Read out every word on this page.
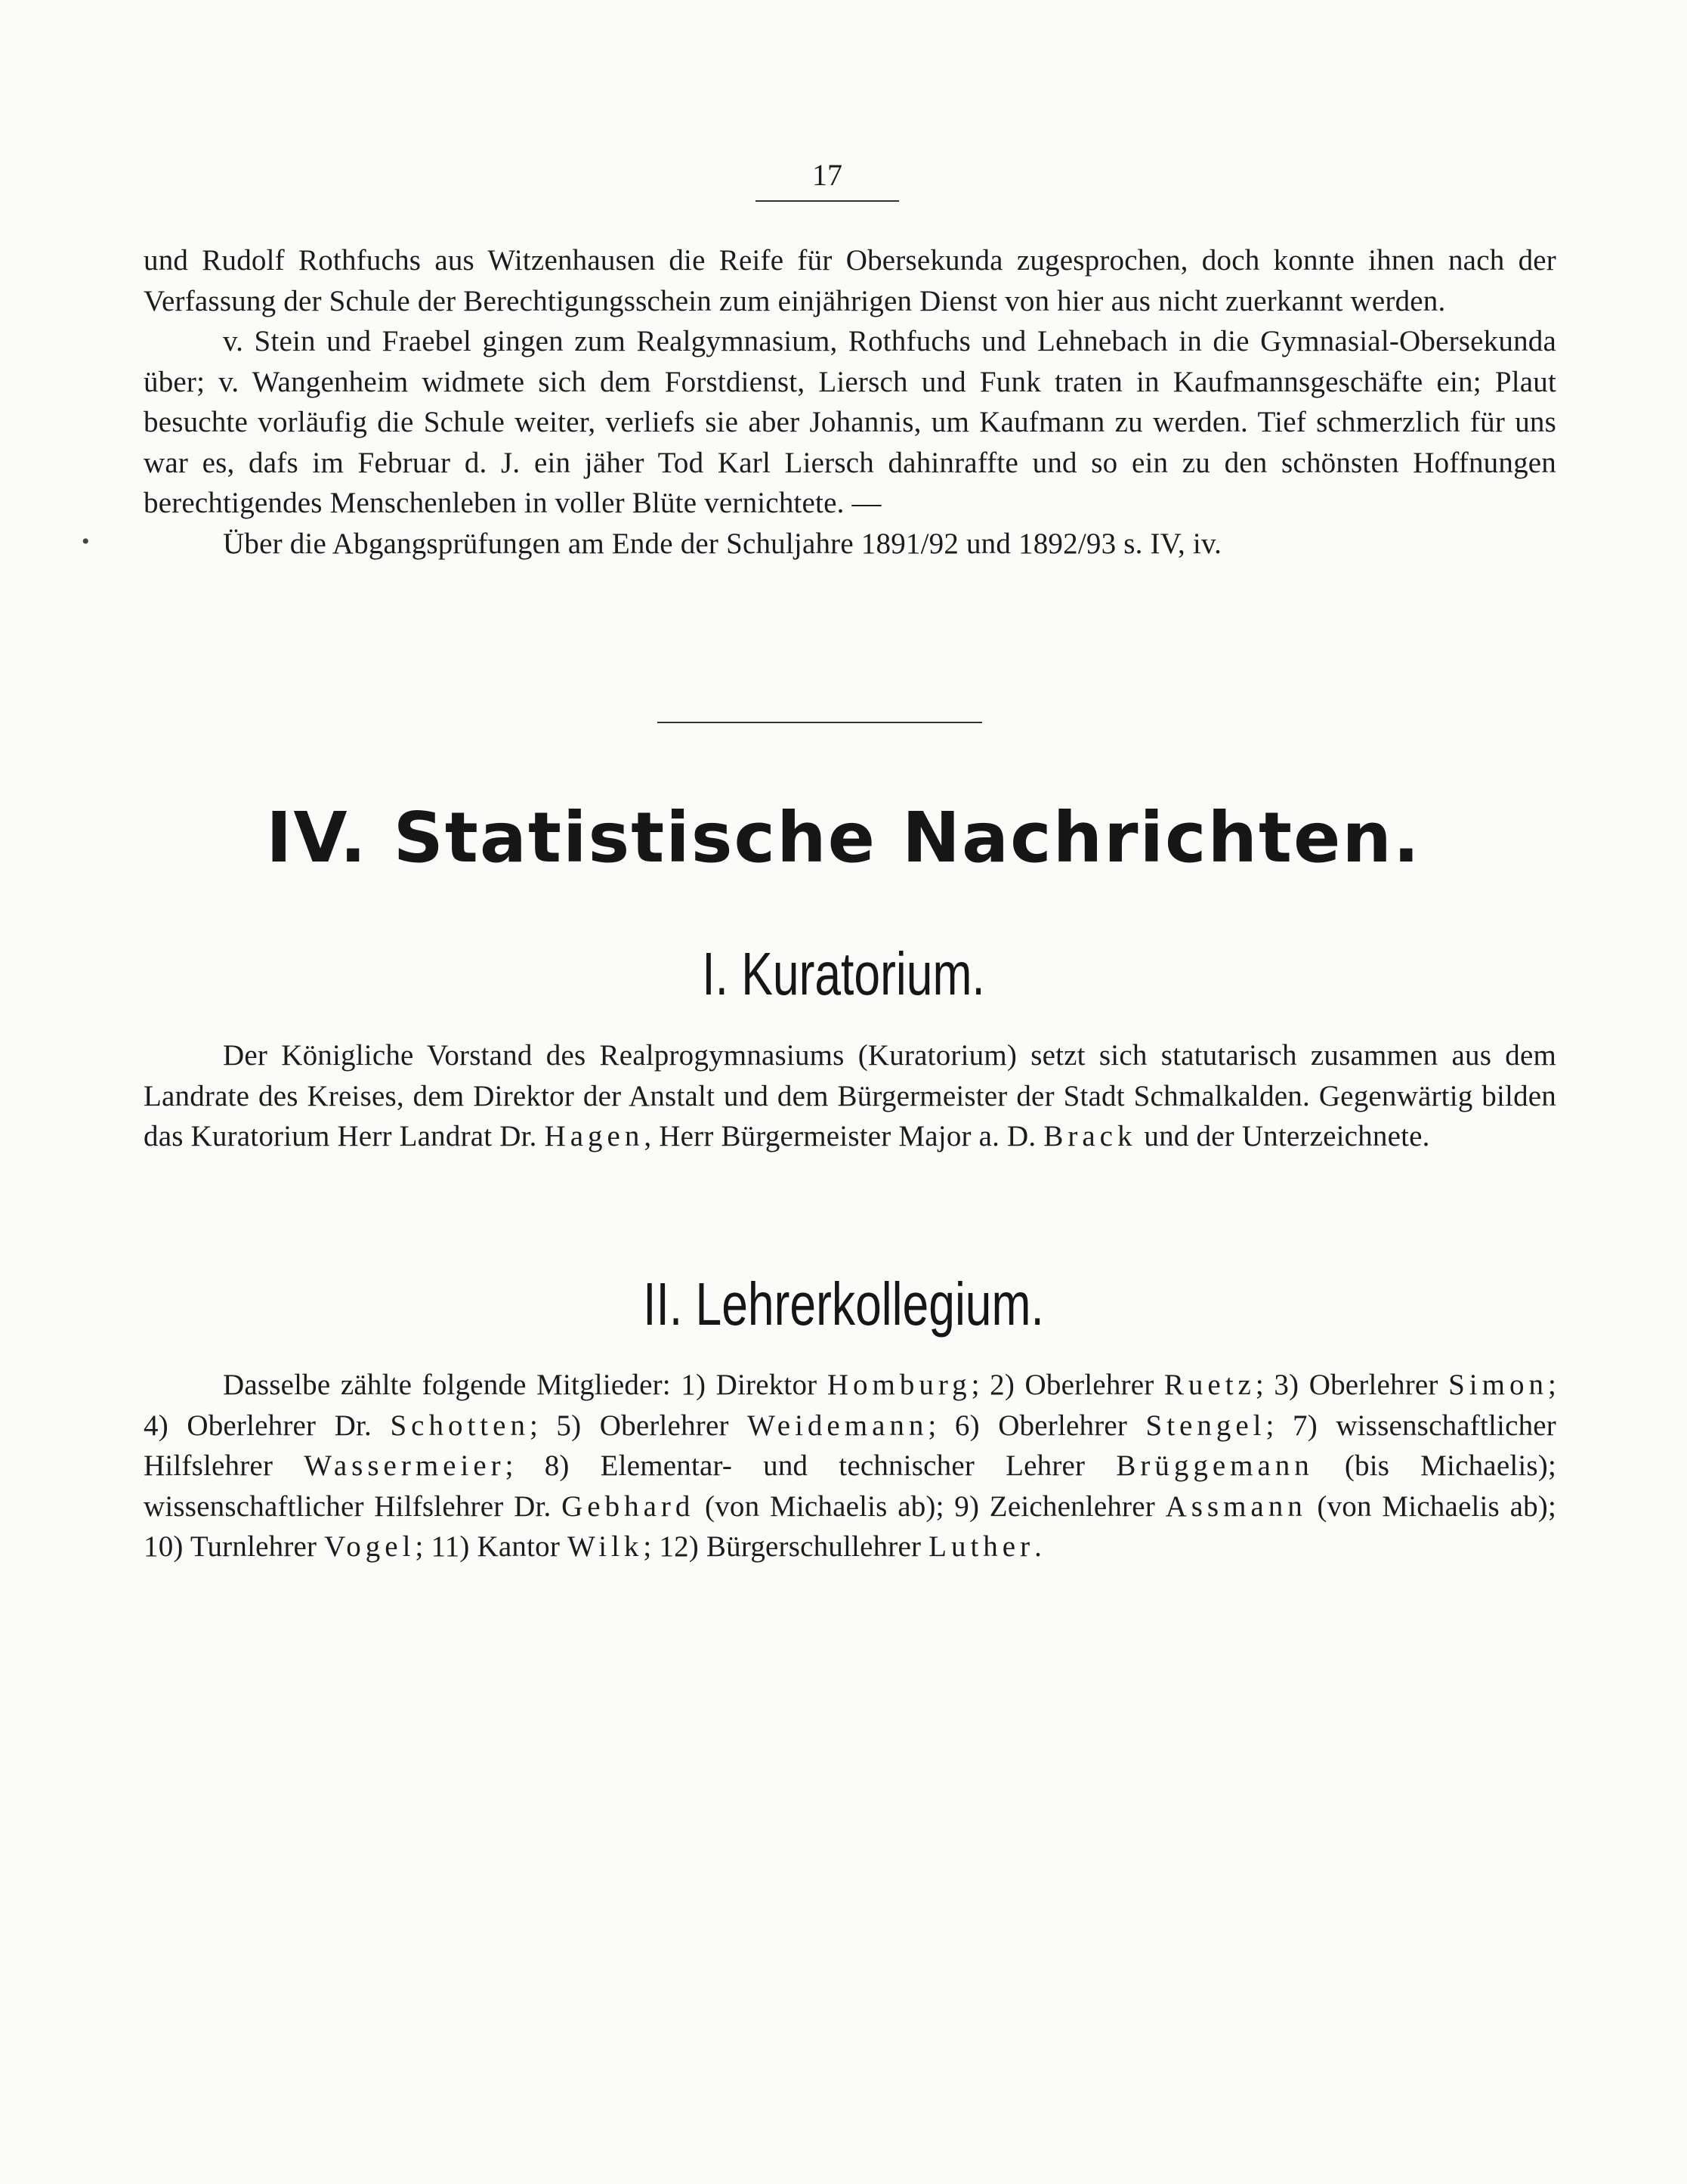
17

und Rudolf Rothfuchs aus Witzenhausen die Reife für Obersekunda zugesprochen, doch konnte ihnen nach der Verfassung der Schule der Berechtigungsschein zum einjährigen Dienst von hier aus nicht zuerkannt werden.

v. Stein und Fraebel gingen zum Realgymnasium, Rothfuchs und Lehnebach in die Gymnasial-Obersekunda über; v. Wangenheim widmete sich dem Forstdienst, Liersch und Funk traten in Kaufmannsgeschäfte ein; Plaut besuchte vorläufig die Schule weiter, verliefs sie aber Johannis, um Kaufmann zu werden. Tief schmerzlich für uns war es, dafs im Februar d. J. ein jäher Tod Karl Liersch dahinraffte und so ein zu den schönsten Hoffnungen berechtigendes Menschenleben in voller Blüte vernichtete. —

Über die Abgangsprüfungen am Ende der Schuljahre 1891/92 und 1892/93 s. IV, iv.

IV. Statistische Nachrichten.
I. Kuratorium.

Der Königliche Vorstand des Realprogymnasiums (Kuratorium) setzt sich statutarisch zusammen aus dem Landrate des Kreises, dem Direktor der Anstalt und dem Bürgermeister der Stadt Schmalkalden. Gegenwärtig bilden das Kuratorium Herr Landrat Dr. Hagen, Herr Bürgermeister Major a. D. Brack und der Unterzeichnete.

II. Lehrerkollegium.

Dasselbe zählte folgende Mitglieder: 1) Direktor Homburg; 2) Oberlehrer Ruetz; 3) Oberlehrer Simon; 4) Oberlehrer Dr. Schotten; 5) Oberlehrer Weidemann; 6) Oberlehrer Stengel; 7) wissenschaftlicher Hilfslehrer Wassermeier; 8) Elementar- und technischer Lehrer Brüggemann (bis Michaelis); wissenschaftlicher Hilfslehrer Dr. Gebhard (von Michaelis ab); 9) Zeichenlehrer Assmann (von Michaelis ab); 10) Turnlehrer Vogel; 11) Kantor Wilk; 12) Bürgerschullehrer Luther.

•
